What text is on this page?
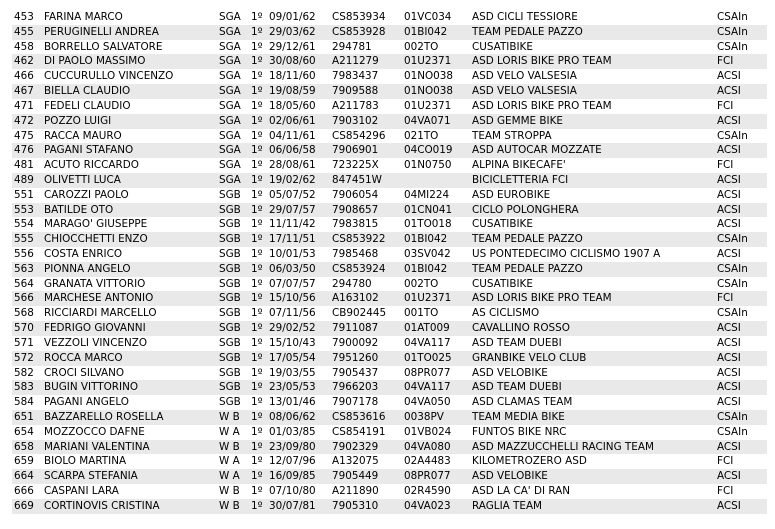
453	FARINA MARCO	SGA	1º	09/01/62	CS853934	01VC034	ASD CICLI TESSIORE	CSAIn
455	PERUGINELLI ANDREA	SGA	1º	29/03/62	CS853928	01BI042	TEAM PEDALE PAZZO	CSAIn
458	BORRELLO SALVATORE	SGA	1º	29/12/61	294781	002TO	CUSATIBIKE	CSAIn
462	DI PAOLO MASSIMO	SGA	1º	30/08/60	A211279	01U2371	ASD LORIS BIKE PRO TEAM	FCI
466	CUCCURULLO VINCENZO	SGA	1º	18/11/60	7983437	01NO038	ASD VELO VALSESIA	ACSI
467	BIELLA CLAUDIO	SGA	1º	19/08/59	7909588	01NO038	ASD VELO VALSESIA	ACSI
471	FEDELI CLAUDIO	SGA	1º	18/05/60	A211783	01U2371	ASD LORIS BIKE PRO TEAM	FCI
472	POZZO LUIGI	SGA	1º	02/06/61	7903102	04VA071	ASD GEMME BIKE	ACSI
475	RACCA MAURO	SGA	1º	04/11/61	CS854296	021TO	TEAM STROPPA	CSAIn
476	PAGANI STAFANO	SGA	1º	06/06/58	7906901	04CO019	ASD AUTOCAR MOZZATE	ACSI
481	ACUTO RICCARDO	SGA	1º	28/08/61	723225X	01N0750	ALPINA BIKECAFE'	FCI
489	OLIVETTI LUCA	SGA	1º	19/02/62	847451W		BICICLETTERIA FCI	ACSI
551	CAROZZI PAOLO	SGB	1º	05/07/52	7906054	04MI224	ASD EUROBIKE	ACSI
553	BATILDE OTO	SGB	1º	29/07/57	7908657	01CN041	CICLO POLONGHERA	ACSI
554	MARAGO' GIUSEPPE	SGB	1º	11/11/42	7983815	01TO018	CUSATIBIKE	ACSI
555	CHIOCCHETTI ENZO	SGB	1º	17/11/51	CS853922	01BI042	TEAM PEDALE PAZZO	CSAIn
556	COSTA ENRICO	SGB	1º	10/01/53	7985468	03SV042	US PONTEDECIMO CICLISMO 1907 A	ACSI
563	PIONNA ANGELO	SGB	1º	06/03/50	CS853924	01BI042	TEAM PEDALE PAZZO	CSAIn
564	GRANATA VITTORIO	SGB	1º	07/07/57	294780	002TO	CUSATIBIKE	CSAIn
566	MARCHESE ANTONIO	SGB	1º	15/10/56	A163102	01U2371	ASD LORIS BIKE PRO TEAM	FCI
568	RICCIARDI MARCELLO	SGB	1º	07/11/56	CB902445	001TO	AS CICLISMO	CSAIn
570	FEDRIGO GIOVANNI	SGB	1º	29/02/52	7911087	01AT009	CAVALLINO ROSSO	ACSI
571	VEZZOLI VINCENZO	SGB	1º	15/10/43	7900092	04VA117	ASD TEAM DUEBI	ACSI
572	ROCCA MARCO	SGB	1º	17/05/54	7951260	01TO025	GRANBIKE VELO CLUB	ACSI
582	CROCI SILVANO	SGB	1º	19/03/55	7905437	08PR077	ASD VELOBIKE	ACSI
583	BUGIN VITTORINO	SGB	1º	23/05/53	7966203	04VA117	ASD TEAM DUEBI	ACSI
584	PAGANI ANGELO	SGB	1º	13/01/46	7907178	04VA050	ASD CLAMAS TEAM	ACSI
651	BAZZARELLO ROSELLA	W B	1º	08/06/62	CS853616	0038PV	TEAM MEDIA BIKE	CSAIn
654	MOZZOCCO DAFNE	W A	1º	01/03/85	CS854191	01VB024	FUNTOS BIKE NRC	CSAIn
658	MARIANI VALENTINA	W B	1º	23/09/80	7902329	04VA080	ASD MAZZUCCHELLI RACING TEAM	ACSI
659	BIOLO MARTINA	W A	1º	12/07/96	A132075	02A4483	KILOMETROZERO ASD	FCI
664	SCARPA STEFANIA	W A	1º	16/09/85	7905449	08PR077	ASD VELOBIKE	ACSI
666	CASPANI LARA	W B	1º	07/10/80	A211890	02R4590	ASD LA CA' DI RAN	FCI
669	CORTINOVIS CRISTINA	W B	1º	30/07/81	7905310	04VA023	RAGLIA TEAM	ACSI
